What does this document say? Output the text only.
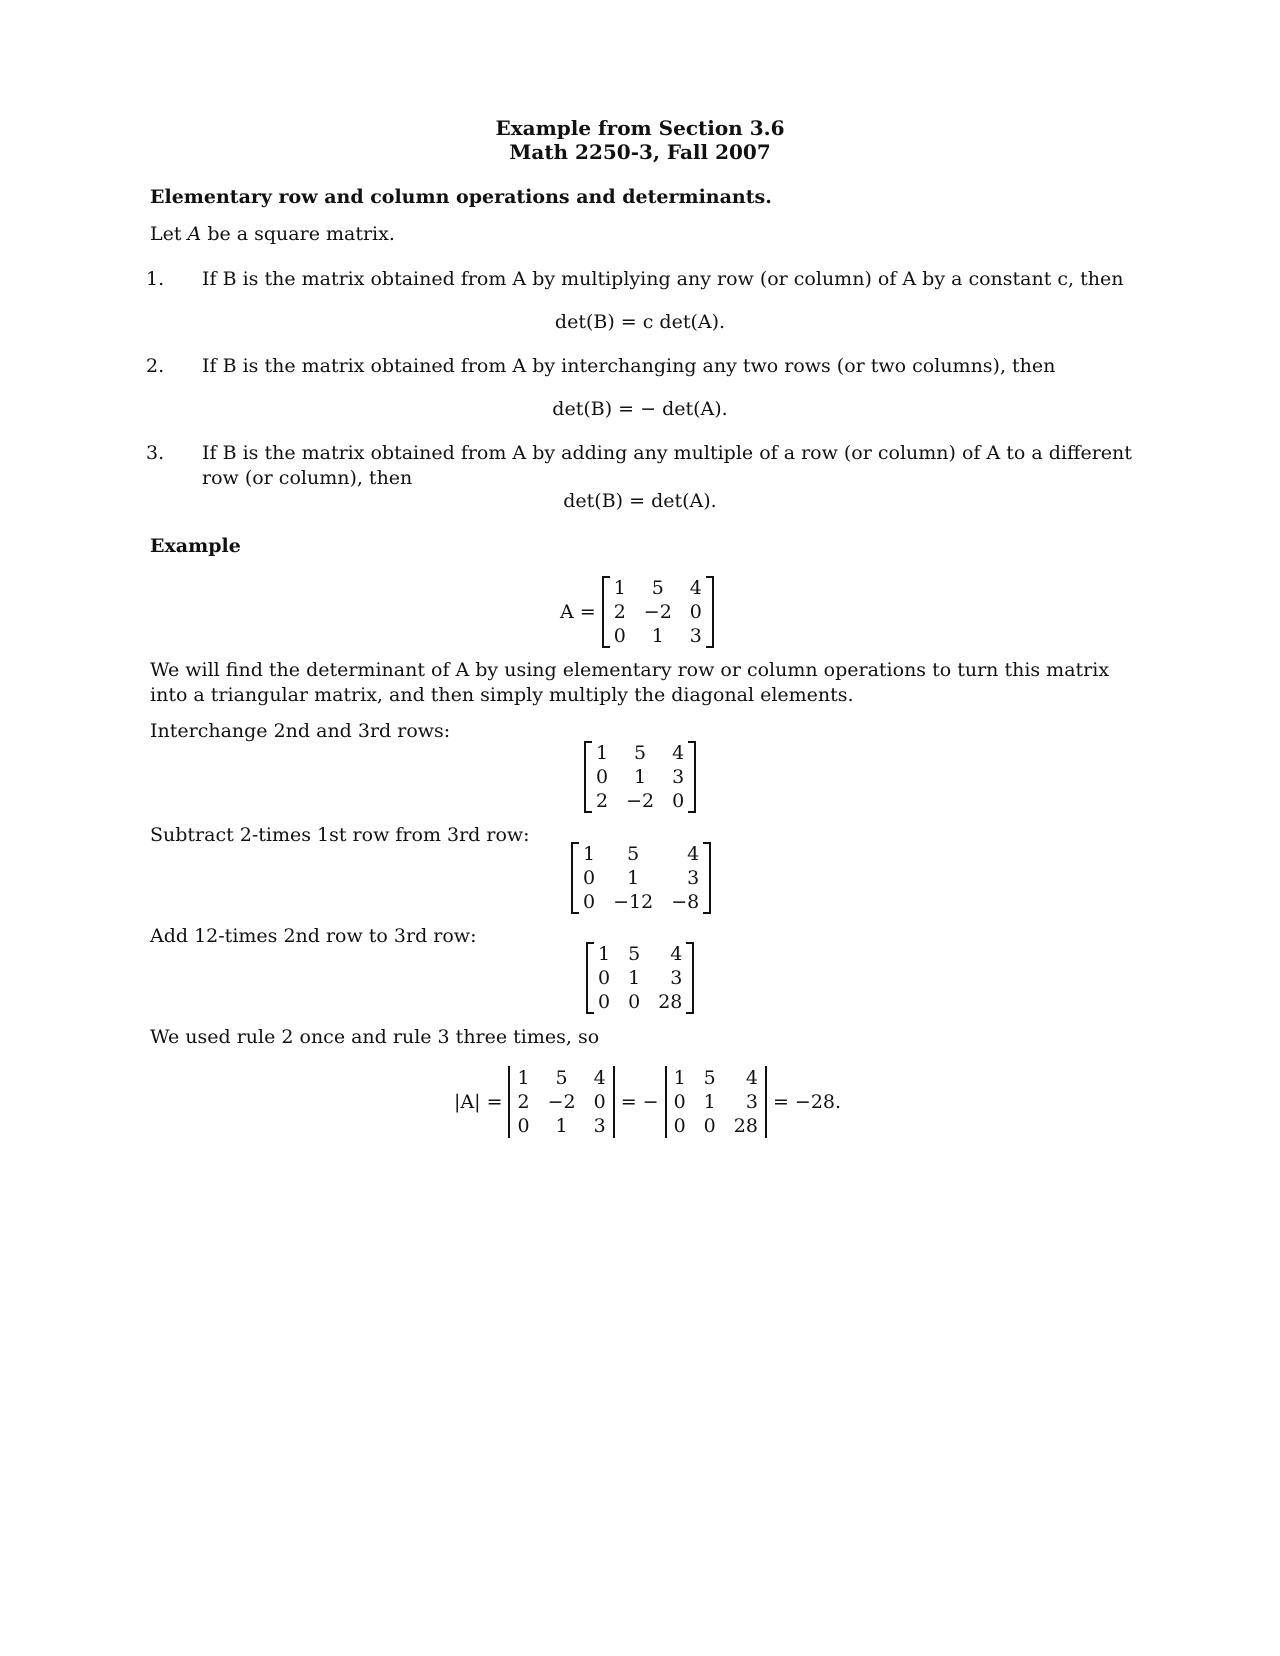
Example from Section 3.6
Math 2250-3, Fall 2007
Elementary row and column operations and determinants.
Let A be a square matrix.
1. If B is the matrix obtained from A by multiplying any row (or column) of A by a constant c, then
det(B) = c det(A).
2. If B is the matrix obtained from A by interchanging any two rows (or two columns), then
det(B) = − det(A).
3. If B is the matrix obtained from A by adding any multiple of a row (or column) of A to a different row (or column), then
det(B) = det(A).
Example
A =
1	5	4
2	−2	0
0	1	3
We will find the determinant of A by using elementary row or column operations to turn this matrix into a triangular matrix, and then simply multiply the diagonal elements.
Interchange 2nd and 3rd rows:
1	5	4
0	1	3
2	−2	0
Subtract 2-times 1st row from 3rd row:
1	5	4
0	1	3
0	−12	−8
Add 12-times 2nd row to 3rd row:
1	5	4
0	1	3
0	0	28
We used rule 2 once and rule 3 three times, so
|A| =
1	5	4
2	−2	0
0	1	3
= −
1	5	4
0	1	3
0	0	28
= −28.
